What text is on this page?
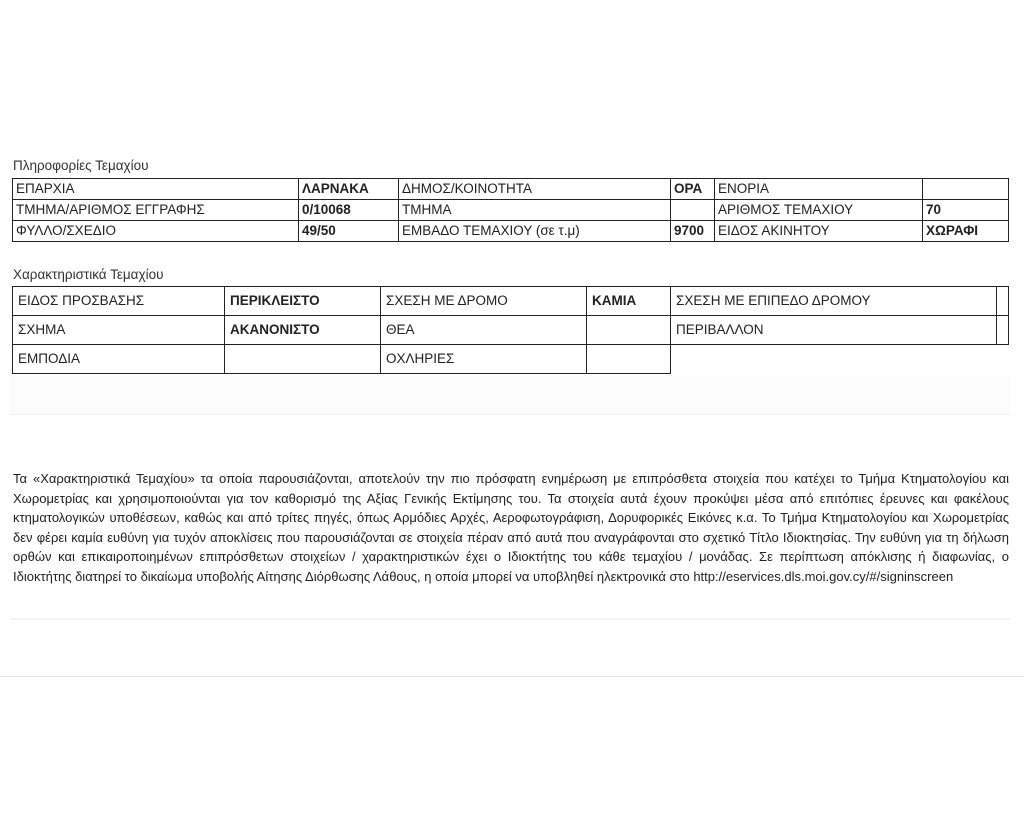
Πληροφορίες Τεμαχίου
ΕΠΑΡΧΙΑ	ΛΑΡΝΑΚΑ	ΔΗΜΟΣ/ΚΟΙΝΟΤΗΤΑ	ΟΡΑ	ΕΝΟΡΙΑ	
ΤΜΗΜΑ/ΑΡΙΘΜΟΣ ΕΓΓΡΑΦΗΣ	0/10068	ΤΜΗΜΑ		ΑΡΙΘΜΟΣ ΤΕΜΑΧΙΟΥ	70
ΦΥΛΛΟ/ΣΧΕΔΙΟ	49/50	ΕΜΒΑΔΟ ΤΕΜΑΧΙΟΥ (σε τ.μ)	9700	ΕΙΔΟΣ ΑΚΙΝΗΤΟΥ	ΧΩΡΑΦΙ
Χαρακτηριστικά Τεμαχίου
ΕΙΔΟΣ ΠΡΟΣΒΑΣΗΣ	ΠΕΡΙΚΛΕΙΣΤΟ	ΣΧΕΣΗ ΜΕ ΔΡΟΜΟ	ΚΑΜΙΑ	ΣΧΕΣΗ ΜΕ ΕΠΙΠΕΔΟ ΔΡΟΜΟΥ	
ΣΧΗΜΑ	ΑΚΑΝΟΝΙΣΤΟ	ΘΕΑ		ΠΕΡΙΒΑΛΛΟΝ	
ΕΜΠΟΔΙΑ		ΟΧΛΗΡΙΕΣ			
Τα «Χαρακτηριστικά Τεμαχίου» τα οποία παρουσιάζονται, αποτελούν την πιο πρόσφατη ενημέρωση με επιπρόσθετα στοιχεία που κατέχει το Τμήμα Κτηματολογίου και Χωρομετρίας και χρησιμοποιούνται για τον καθορισμό της Αξίας Γενικής Εκτίμησης του. Τα στοιχεία αυτά έχουν προκύψει μέσα από επιτόπιες έρευνες και φακέλους κτηματολογικών υποθέσεων, καθώς και από τρίτες πηγές, όπως Αρμόδιες Αρχές, Αεροφωτογράφιση, Δορυφορικές Εικόνες κ.α. Το Τμήμα Κτηματολογίου και Χωρομετρίας δεν φέρει καμία ευθύνη για τυχόν αποκλίσεις που παρουσιάζονται σε στοιχεία πέραν από αυτά που αναγράφονται στο σχετικό Τίτλο Ιδιοκτησίας. Την ευθύνη για τη δήλωση ορθών και επικαιροποιημένων επιπρόσθετων στοιχείων / χαρακτηριστικών έχει ο Ιδιοκτήτης του κάθε τεμαχίου / μονάδας. Σε περίπτωση απόκλισης ή διαφωνίας, ο Ιδιοκτήτης διατηρεί το δικαίωμα υποβολής Αίτησης Διόρθωσης Λάθους, η οποία μπορεί να υποβληθεί ηλεκτρονικά στο http://eservices.dls.moi.gov.cy/#/signinscreen
